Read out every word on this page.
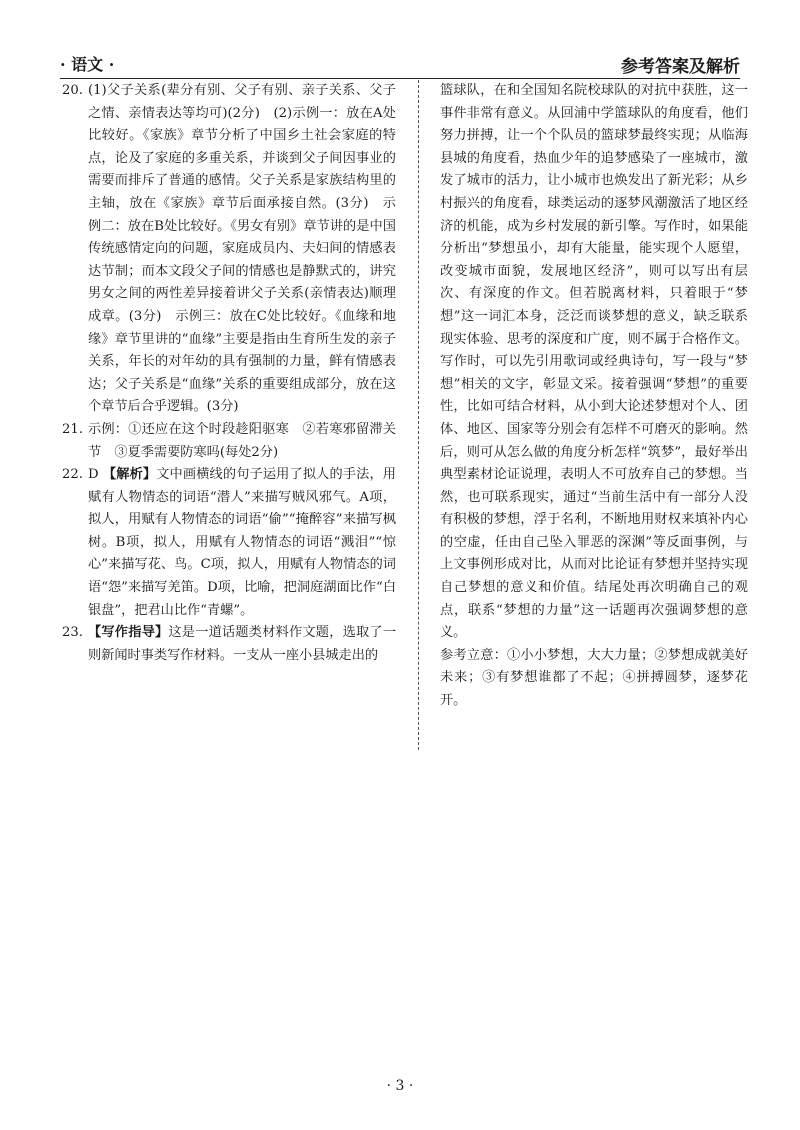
· 语文 ·	参考答案及解析

20. (1)父子关系(辈分有别、父子有别、亲子关系、父子之情、亲情表达等均可)(2分)　(2)示例一：放在A处比较好。《家族》章节分析了中国乡土社会家庭的特点，论及了家庭的多重关系，并谈到父子间因事业的需要而排斥了普通的感情。父子关系是家族结构里的主轴，放在《家族》章节后面承接自然。(3分)　示例二：放在B处比较好。《男女有别》章节讲的是中国传统感情定向的问题，家庭成员内、夫妇间的情感表达节制；而本文段父子间的情感也是静默式的，讲究男女之间的两性差异接着讲父子关系(亲情表达)顺理成章。(3分)　示例三：放在C处比较好。《血缘和地缘》章节里讲的“血缘”主要是指由生育所生发的亲子关系，年长的对年幼的具有强制的力量，鲜有情感表达；父子关系是“血缘”关系的重要组成部分，放在这个章节后合乎逻辑。(3分)

21. 示例：①还应在这个时段趁阳驱寒　②若寒邪留滞关节　③夏季需要防寒吗(每处2分)

22. D 【解析】文中画横线的句子运用了拟人的手法，用赋有人物情态的词语“潜人”来描写贼风邪气。A项，拟人，用赋有人物情态的词语“偷”“掩醉容”来描写枫树。B项，拟人，用赋有人物情态的词语“溅泪”“惊心”来描写花、鸟。C项，拟人，用赋有人物情态的词语“怨”来描写羌笛。D项，比喻，把洞庭湖面比作“白银盘”，把君山比作“青螺”。

23. 【写作指导】这是一道话题类材料作文题，选取了一则新闻时事类写作材料。一支从一座小县城走出的

篮球队，在和全国知名院校球队的对抗中获胜，这一事件非常有意义。从回浦中学篮球队的角度看，他们努力拼搏，让一个个队员的篮球梦最终实现；从临海县城的角度看，热血少年的追梦感染了一座城市，激发了城市的活力，让小城市也焕发出了新光彩；从乡村振兴的角度看，球类运动的逐梦风潮激活了地区经济的机能，成为乡村发展的新引擎。写作时，如果能分析出“梦想虽小，却有大能量，能实现个人愿望，改变城市面貌，发展地区经济”，则可以写出有层次、有深度的作文。但若脱离材料，只着眼于“梦想”这一词汇本身，泛泛而谈梦想的意义，缺乏联系现实体验、思考的深度和广度，则不属于合格作文。写作时，可以先引用歌词或经典诗句，写一段与“梦想”相关的文字，彰显文采。接着强调“梦想”的重要性，比如可结合材料，从小到大论述梦想对个人、团体、地区、国家等分别会有怎样不可磨灭的影响。然后，则可从怎么做的角度分析怎样“筑梦”，最好举出典型素材论证说理，表明人不可放弃自己的梦想。当然，也可联系现实，通过“当前生活中有一部分人没有积极的梦想，浮于名利，不断地用财权来填补内心的空虚，任由自己坠入罪恶的深渊”等反面事例，与上文事例形成对比，从而对比论证有梦想并坚持实现自己梦想的意义和价值。结尾处再次明确自己的观点，联系“梦想的力量”这一话题再次强调梦想的意义。

参考立意：①小小梦想，大大力量；②梦想成就美好未来；③有梦想谁都了不起；④拼搏圆梦，逐梦花开。

· 3 ·
